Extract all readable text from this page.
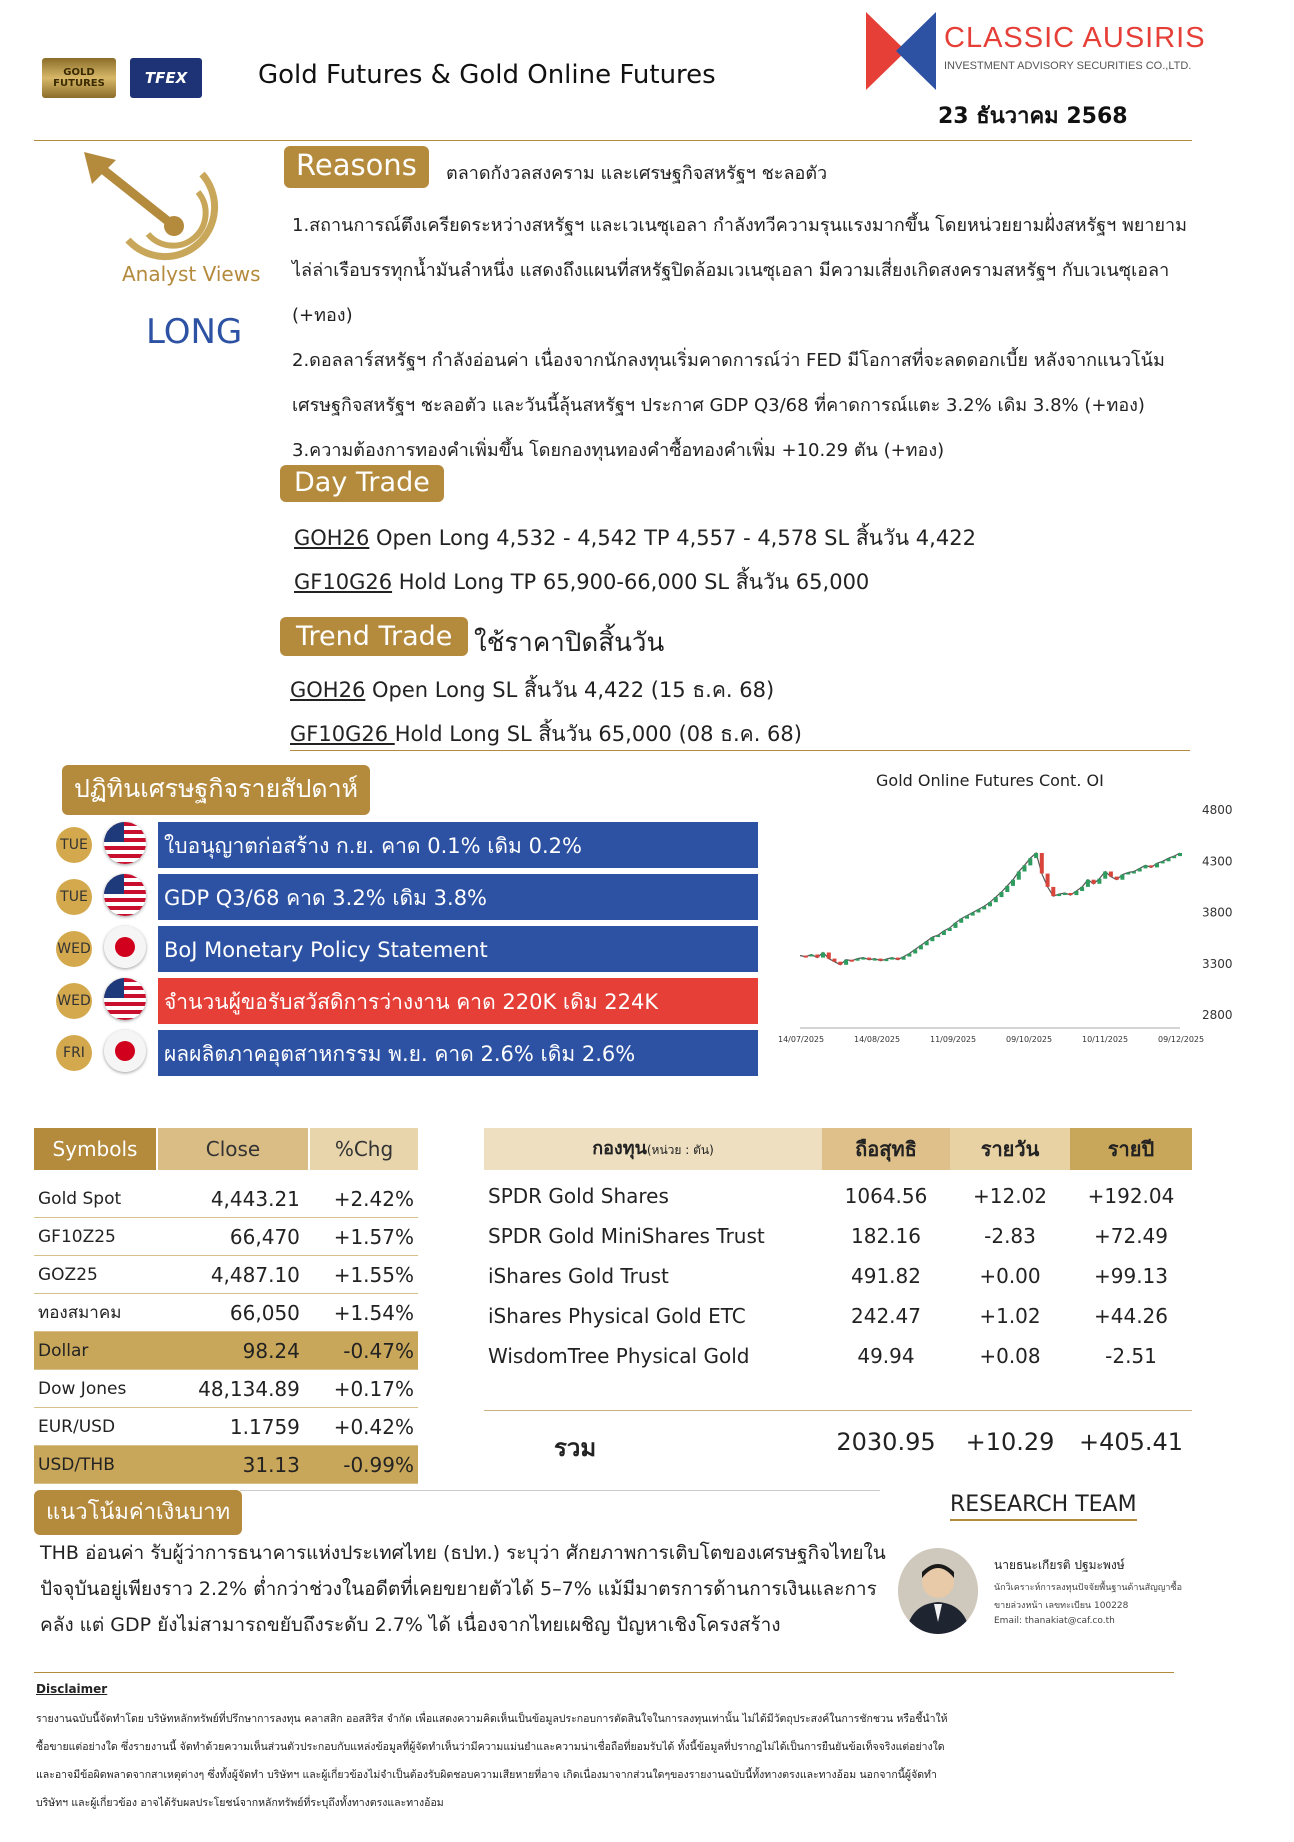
GOLD FUTURES	TFEX	Gold Futures & Gold Online Futures
CLASSIC AUSIRIS
INVESTMENT ADVISORY SECURITIES CO.,LTD.
23 ธันวาคม 2568
Analyst Views
LONG
Reasons	ตลาดกังวลสงคราม และเศรษฐกิจสหรัฐฯ ชะลอตัว
1.สถานการณ์ตึงเครียดระหว่างสหรัฐฯ และเวเนซุเอลา กำลังทวีความรุนแรงมากขึ้น โดยหน่วยยามฝั่งสหรัฐฯ พยายาม
ไล่ล่าเรือบรรทุกน้ำมันลำหนึ่ง แสดงถึงแผนที่สหรัฐปิดล้อมเวเนซุเอลา มีความเสี่ยงเกิดสงครามสหรัฐฯ กับเวเนซุเอลา
(+ทอง)
2.ดอลลาร์สหรัฐฯ กำลังอ่อนค่า เนื่องจากนักลงทุนเริ่มคาดการณ์ว่า FED มีโอกาสที่จะลดดอกเบี้ย หลังจากแนวโน้ม
เศรษฐกิจสหรัฐฯ ชะลอตัว และวันนี้ลุ้นสหรัฐฯ ประกาศ GDP Q3/68 ที่คาดการณ์แตะ 3.2% เดิม 3.8% (+ทอง)
3.ความต้องการทองคำเพิ่มขึ้น โดยกองทุนทองคำซื้อทองคำเพิ่ม +10.29 ตัน (+ทอง)
Day Trade
GOH26 Open Long 4,532 - 4,542 TP 4,557 - 4,578 SL สิ้นวัน 4,422
GF10G26 Hold Long TP 65,900-66,000 SL สิ้นวัน 65,000
Trend Trade ใช้ราคาปิดสิ้นวัน
GOH26 Open Long SL สิ้นวัน 4,422 (15 ธ.ค. 68)
GF10G26 Hold Long SL สิ้นวัน 65,000 (08 ธ.ค. 68)
ปฏิทินเศรษฐกิจรายสัปดาห์
TUE	ใบอนุญาตก่อสร้าง ก.ย. คาด 0.1% เดิม 0.2%
TUE	GDP Q3/68 คาด 3.2% เดิม 3.8%
WED	BoJ Monetary Policy Statement
WED	จำนวนผู้ขอรับสวัสดิการว่างงาน คาด 220K เดิม 224K
FRI	ผลผลิตภาคอุตสาหกรรม พ.ย. คาด 2.6% เดิม 2.6%
Gold Online Futures Cont. OI
4800
4300
3800
3300
2800
14/07/2025	14/08/2025	11/09/2025	09/10/2025	10/11/2025	09/12/2025
Symbols	Close	%Chg
Gold Spot	4,443.21	+2.42%
GF10Z25	66,470	+1.57%
GOZ25	4,487.10	+1.55%
ทองสมาคม	66,050	+1.54%
Dollar	98.24	-0.47%
Dow Jones	48,134.89	+0.17%
EUR/USD	1.1759	+0.42%
USD/THB	31.13	-0.99%
กองทุน(หน่วย : ตัน)	ถือสุทธิ	รายวัน	รายปี
SPDR Gold Shares	1064.56	+12.02	+192.04
SPDR Gold MiniShares Trust	182.16	-2.83	+72.49
iShares Gold Trust	491.82	+0.00	+99.13
iShares Physical Gold ETC	242.47	+1.02	+44.26
WisdomTree Physical Gold	49.94	+0.08	-2.51
รวม	2030.95	+10.29	+405.41
แนวโน้มค่าเงินบาท
THB อ่อนค่า รับผู้ว่าการธนาคารแห่งประเทศไทย (ธปท.) ระบุว่า ศักยภาพการเติบโตของเศรษฐกิจไทยใน
ปัจจุบันอยู่เพียงราว 2.2% ต่ำกว่าช่วงในอดีตที่เคยขยายตัวได้ 5–7% แม้มีมาตรการด้านการเงินและการ
คลัง แต่ GDP ยังไม่สามารถขยับถึงระดับ 2.7% ได้ เนื่องจากไทยเผชิญ ปัญหาเชิงโครงสร้าง
RESEARCH TEAM
นายธนะเกียรติ ปฐมะพงษ์
นักวิเคราะห์การลงทุนปัจจัยพื้นฐานด้านสัญญาซื้อ
ขายล่วงหน้า เลขทะเบียน 100228
Email: thanakiat@caf.co.th
Disclaimer
รายงานฉบับนี้จัดทำโดย บริษัทหลักทรัพย์ที่ปรึกษาการลงทุน คลาสสิก ออสสิริส จำกัด เพื่อแสดงความคิดเห็นเป็นข้อมูลประกอบการตัดสินใจในการลงทุนเท่านั้น ไม่ได้มีวัตถุประสงค์ในการชักชวน หรือชี้นำให้
ซื้อขายแต่อย่างใด ซึ่งรายงานนี้ จัดทำด้วยความเห็นส่วนตัวประกอบกับแหล่งข้อมูลที่ผู้จัดทำเห็นว่ามีความแม่นยำและความน่าเชื่อถือที่ยอมรับได้ ทั้งนี้ข้อมูลที่ปรากฏไม่ได้เป็นการยืนยันข้อเท็จจริงแต่อย่างใด
และอาจมีข้อผิดพลาดจากสาเหตุต่างๆ ซึ่งทั้งผู้จัดทำ บริษัทฯ และผู้เกี่ยวข้องไม่จำเป็นต้องรับผิดชอบความเสียหายที่อาจ เกิดเนื่องมาจากส่วนใดๆของรายงานฉบับนี้ทั้งทางตรงและทางอ้อม นอกจากนี้ผู้จัดทำ
บริษัทฯ และผู้เกี่ยวข้อง อาจได้รับผลประโยชน์จากหลักทรัพย์ที่ระบุถึงทั้งทางตรงและทางอ้อม
